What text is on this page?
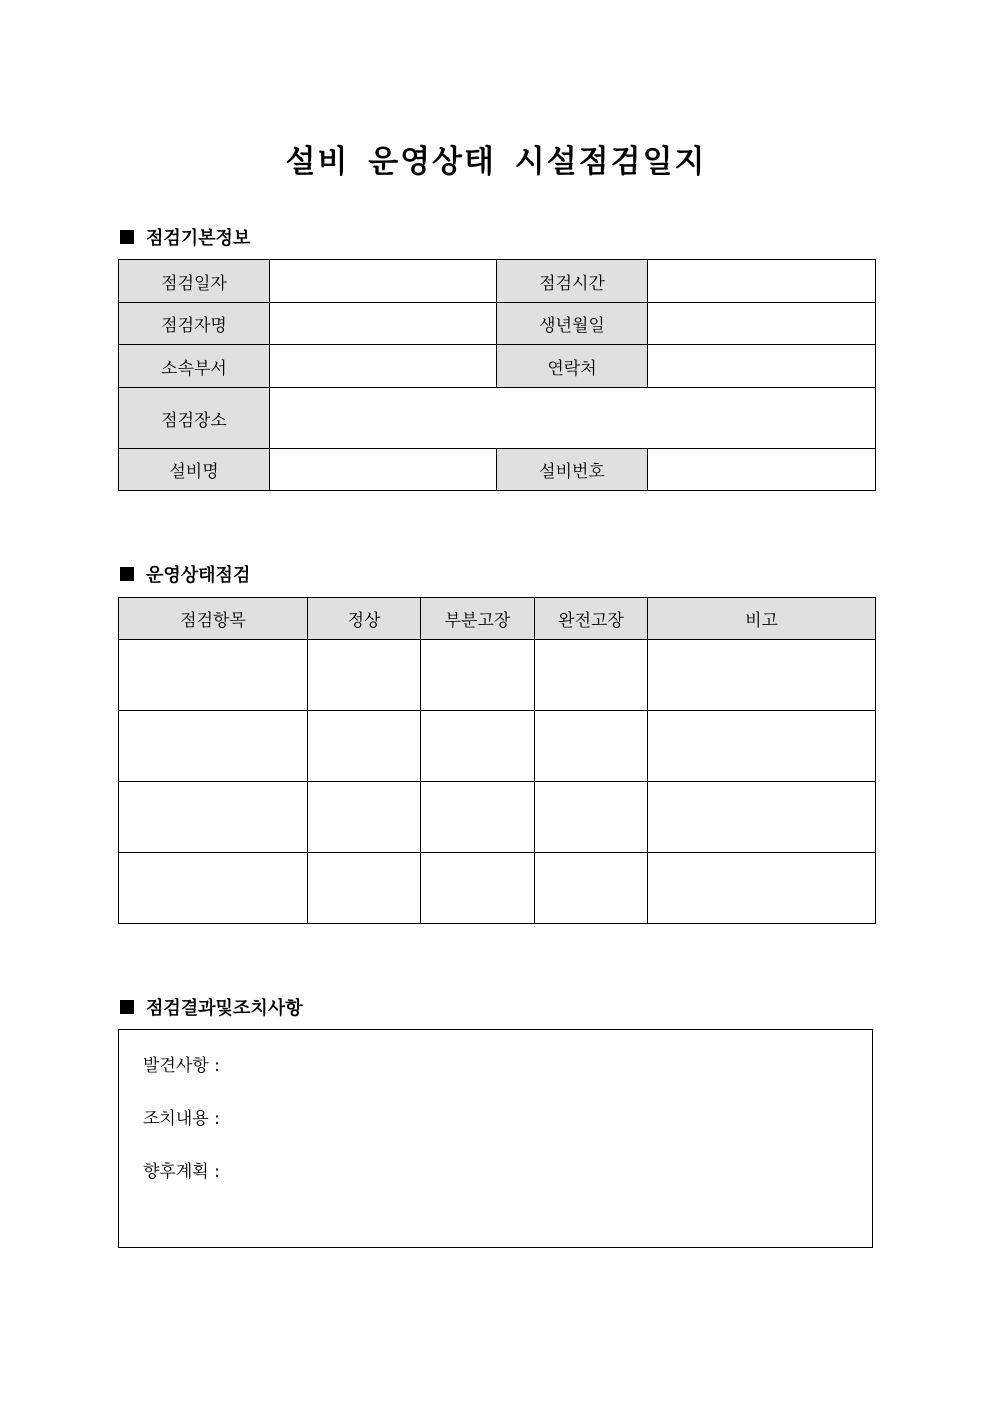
설비 운영상태 시설점검일지
점검기본정보
점검일자		점검시간	
점검자명		생년월일	
소속부서		연락처	
점검장소			
설비명		설비번호	
운영상태점검
점검항목	정상	부분고장	완전고장	비고

점검결과및조치사항
발견사항 :
조치내용 :
향후계획 :
